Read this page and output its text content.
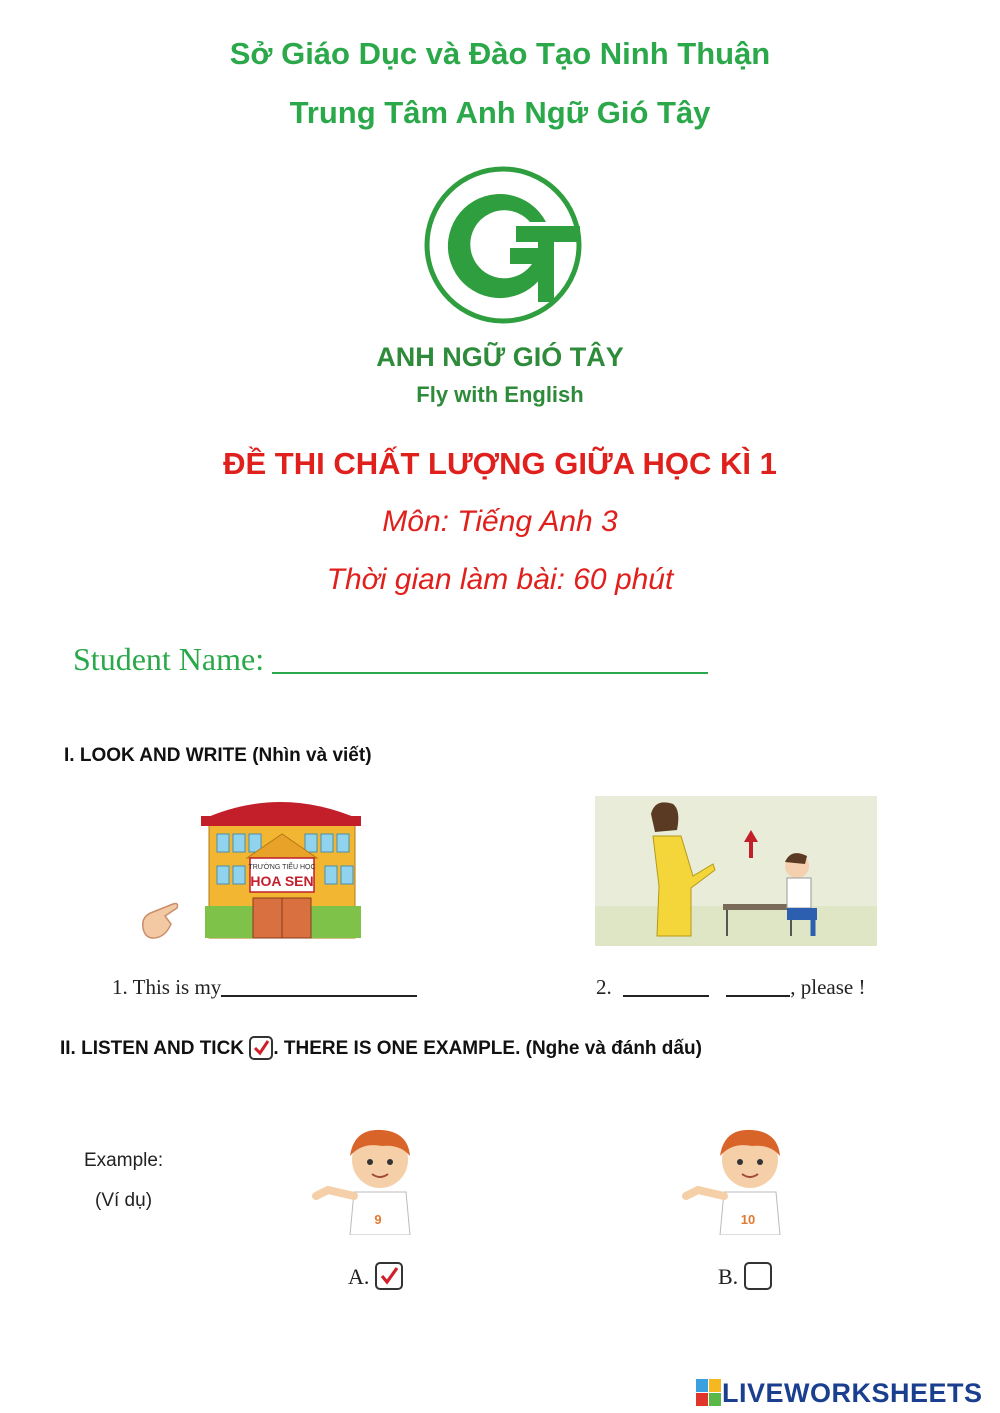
Sở Giáo Dục và Đào Tạo Ninh Thuận
Trung Tâm Anh Ngữ Gió Tây
ANH NGỮ GIÓ TÂY
Fly with English
ĐỀ THI CHẤT LƯỢNG GIỮA HỌC KÌ 1
Môn: Tiếng Anh 3
Thời gian làm bài: 60 phút
Student Name:
I. LOOK AND WRITE (Nhìn và viết)
TRƯỜNG TIỂU HỌC
HOA SEN
1. This is my	2.	, please !
II. LISTEN AND TICK . THERE IS ONE EXAMPLE. (Nghe và đánh dấu)
Example:
(Ví dụ)
9	10
A.	B.
LIVEWORKSHEETS
